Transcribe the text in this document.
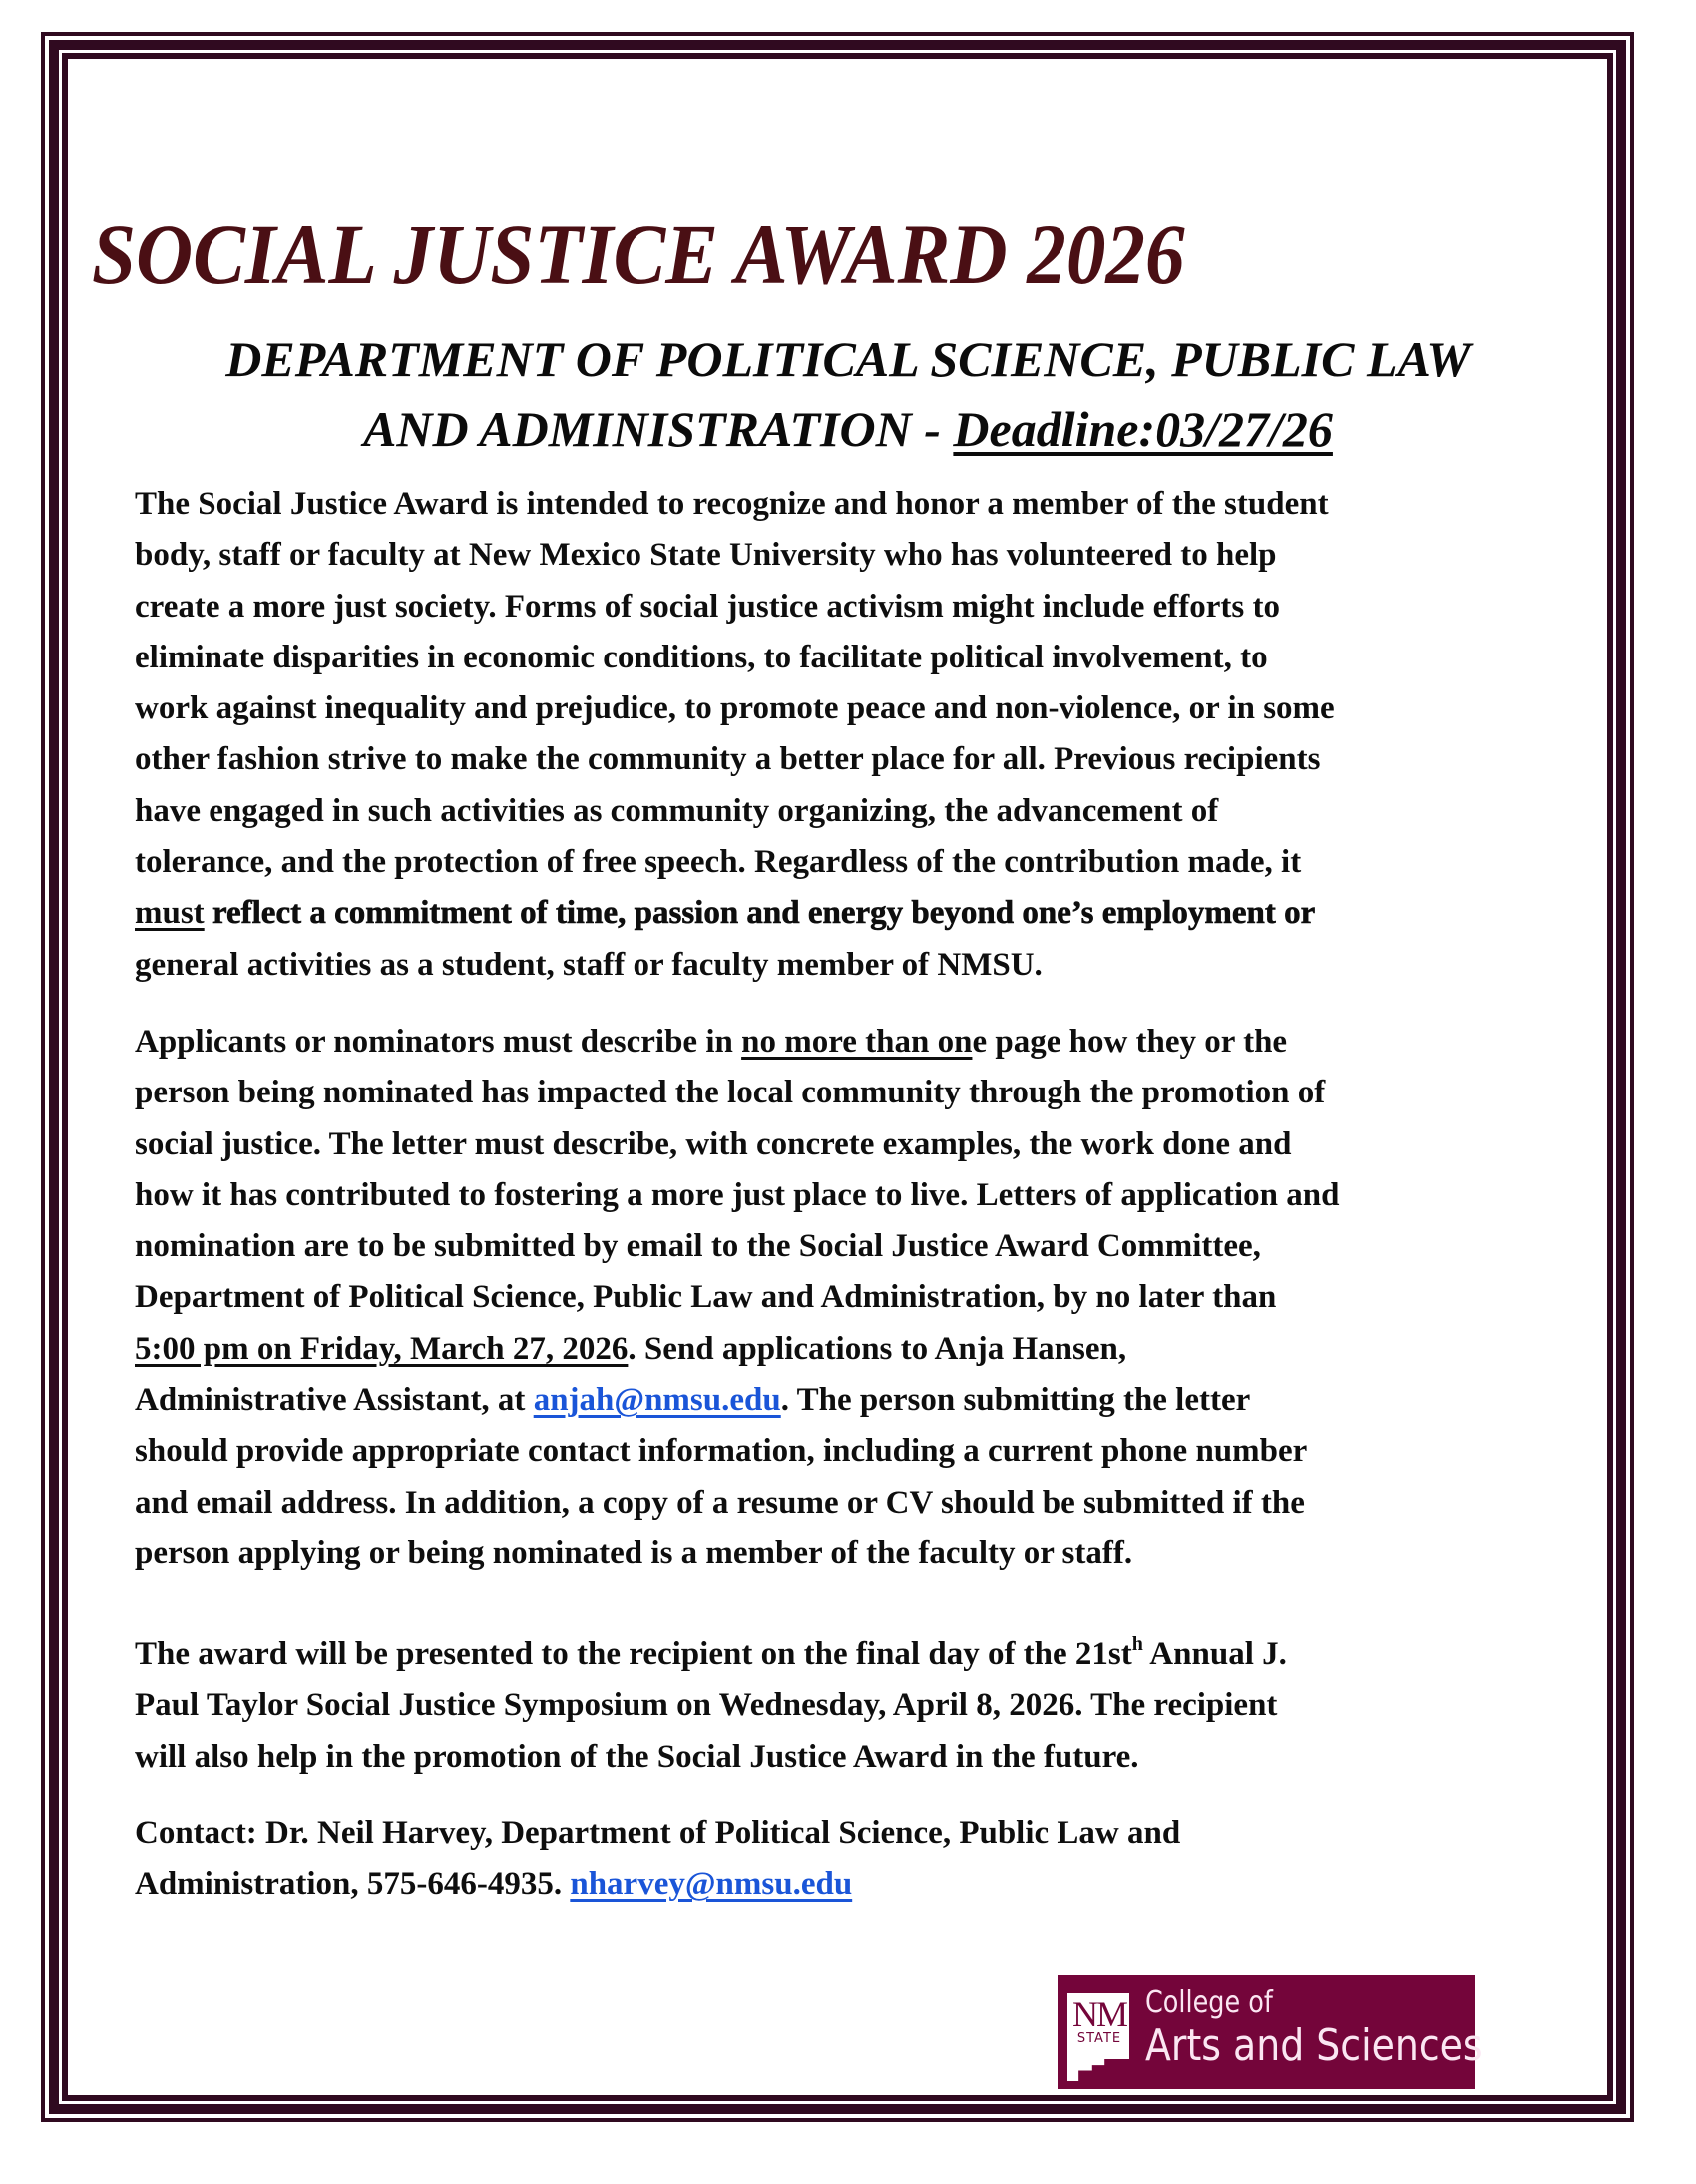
SOCIAL JUSTICE AWARD 2026
DEPARTMENT OF POLITICAL SCIENCE, PUBLIC LAW
AND ADMINISTRATION - Deadline:03/27/26
The Social Justice Award is intended to recognize and honor a member of the student
body, staff or faculty at New Mexico State University who has volunteered to help
create a more just society. Forms of social justice activism might include efforts to
eliminate disparities in economic conditions, to facilitate political involvement, to
work against inequality and prejudice, to promote peace and non-violence, or in some
other fashion strive to make the community a better place for all. Previous recipients
have engaged in such activities as community organizing, the advancement of
tolerance, and the protection of free speech. Regardless of the contribution made, it
must reflect a commitment of time, passion and energy beyond one’s employment or
general activities as a student, staff or faculty member of NMSU.
Applicants or nominators must describe in no more than one page how they or the
person being nominated has impacted the local community through the promotion of
social justice. The letter must describe, with concrete examples, the work done and
how it has contributed to fostering a more just place to live. Letters of application and
nomination are to be submitted by email to the Social Justice Award Committee,
Department of Political Science, Public Law and Administration, by no later than
5:00 pm on Friday, March 27, 2026. Send applications to Anja Hansen,
Administrative Assistant, at anjah@nmsu.edu. The person submitting the letter
should provide appropriate contact information, including a current phone number
and email address. In addition, a copy of a resume or CV should be submitted if the
person applying or being nominated is a member of the faculty or staff.
The award will be presented to the recipient on the final day of the $21st^h$ Annual J.
Paul Taylor Social Justice Symposium on Wednesday, April 8, 2026. The recipient
will also help in the promotion of the Social Justice Award in the future.
Contact: Dr. Neil Harvey, Department of Political Science, Public Law and
Administration, 575-646-4935. nharvey@nmsu.edu
NM
STATE
College of
Arts and Sciences
